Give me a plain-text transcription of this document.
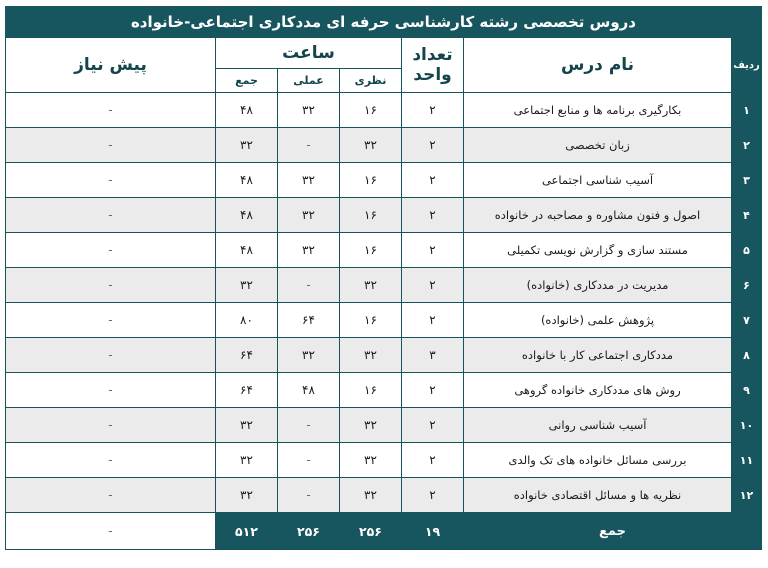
دروس تخصصی رشته کارشناسی حرفه ای مددکاری اجتماعی-خانواده						
ردیف	نام درس	تعداد
واحد	ساعت			پیش نیاز
			نظری	عملی	جمع	
۱	بکارگیری برنامه ها و منابع اجتماعی	۲	۱۶	۳۲	۴۸	-
۲	زبان تخصصی	۲	۳۲	-	۳۲	-
۳	آسیب شناسی اجتماعی	۲	۱۶	۳۲	۴۸	-
۴	اصول و فنون مشاوره و مصاحبه در خانواده	۲	۱۶	۳۲	۴۸	-
۵	مستند سازی و گزارش نویسی تکمیلی	۲	۱۶	۳۲	۴۸	-
۶	مدیریت در مددکاری (خانواده)	۲	۳۲	-	۳۲	-
۷	پژوهش علمی (خانواده)	۲	۱۶	۶۴	۸۰	-
۸	مددکاری اجتماعی کار با خانواده	۳	۳۲	۳۲	۶۴	-
۹	روش های مددکاری خانواده گروهی	۲	۱۶	۴۸	۶۴	-
۱۰	آسیب شناسی روانی	۲	۳۲	-	۳۲	-
۱۱	بررسی مسائل خانواده های تک والدی	۲	۳۲	-	۳۲	-
۱۲	نظریه ها و مسائل اقتصادی خانواده	۲	۳۲	-	۳۲	-
جمع		۱۹	۲۵۶	۲۵۶	۵۱۲	-
